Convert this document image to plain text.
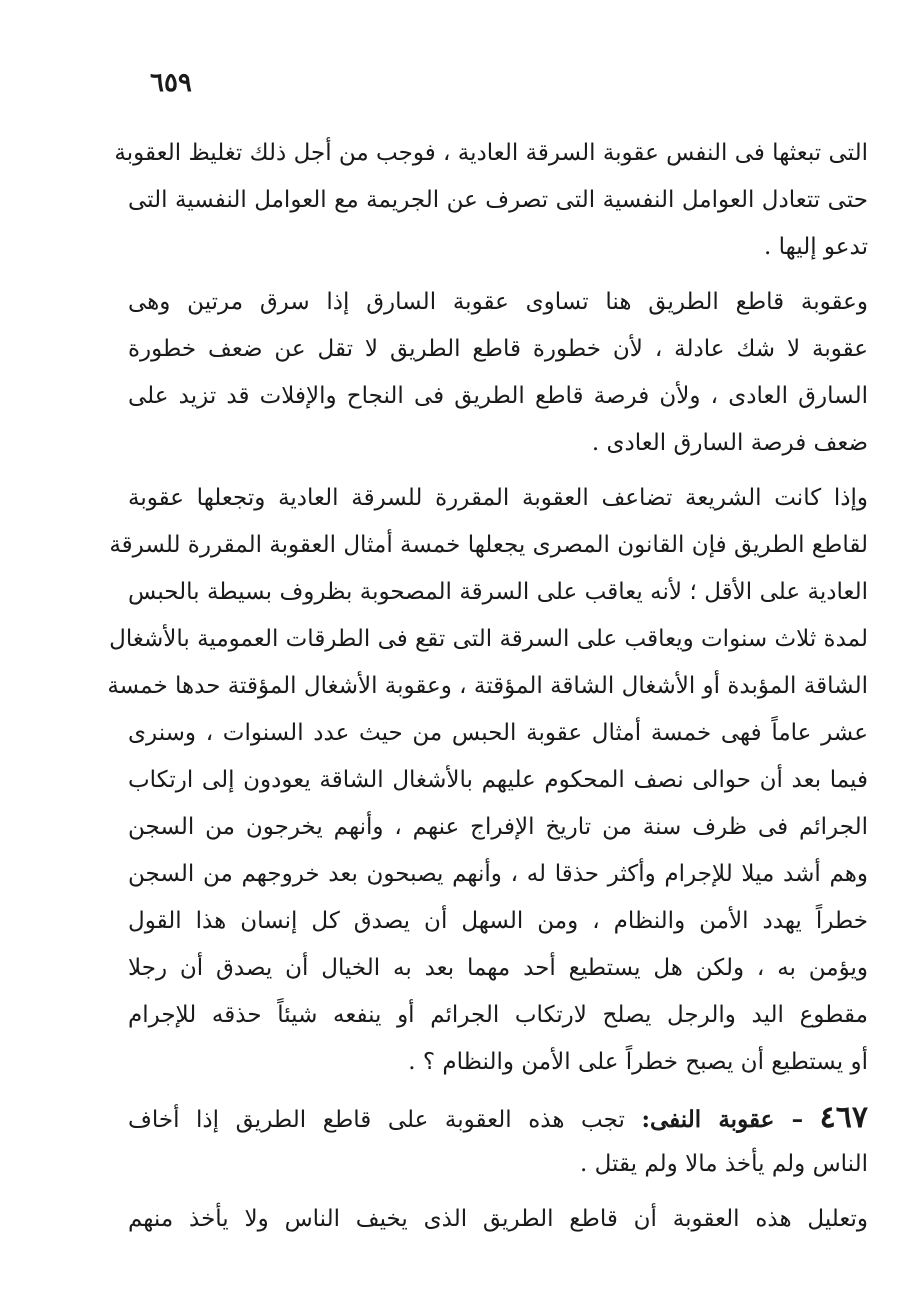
٦٥٩
التى تبعثها فى النفس عقوبة السرقة العادية ، فوجب من أجل ذلك تغليظ العقوبة
حتى تتعادل العوامل النفسية التى تصرف عن الجريمة مع العوامل النفسية التى
تدعو إليها .
وعقوبة قاطع الطريق هنا تساوى عقوبة السارق إذا سرق مرتين وهى
عقوبة لا شك عادلة ، لأن خطورة قاطع الطريق لا تقل عن ضعف خطورة
السارق العادى ، ولأن فرصة قاطع الطريق فى النجاح والإفلات قد تزيد على
ضعف فرصة السارق العادى .
وإذا كانت الشريعة تضاعف العقوبة المقررة للسرقة العادية وتجعلها عقوبة
لقاطع الطريق فإن القانون المصرى يجعلها خمسة أمثال العقوبة المقررة للسرقة
العادية على الأقل ؛ لأنه يعاقب على السرقة المصحوبة بظروف بسيطة بالحبس
لمدة ثلاث سنوات ويعاقب على السرقة التى تقع فى الطرقات العمومية بالأشغال
الشاقة المؤبدة أو الأشغال الشاقة المؤقتة ، وعقوبة الأشغال المؤقتة حدها خمسة
عشر عاماً فهى خمسة أمثال عقوبة الحبس من حيث عدد السنوات ، وسنرى
فيما بعد أن حوالى نصف المحكوم عليهم بالأشغال الشاقة يعودون إلى ارتكاب
الجرائم فى ظرف سنة من تاريخ الإفراج عنهم ، وأنهم يخرجون من السجن
وهم أشد ميلا للإجرام وأكثر حذقا له ، وأنهم يصبحون بعد خروجهم من السجن
خطراً يهدد الأمن والنظام ، ومن السهل أن يصدق كل إنسان هذا القول
ويؤمن به ، ولكن هل يستطيع أحد مهما بعد به الخيال أن يصدق أن رجلا
مقطوع اليد والرجل يصلح لارتكاب الجرائم أو ينفعه شيئاً حذقه للإجرام
أو يستطيع أن يصبح خطراً على الأمن والنظام ؟ .
٤٦٧ – عقوبة النفى: تجب هذه العقوبة على قاطع الطريق إذا أخاف
الناس ولم يأخذ مالا ولم يقتل .
وتعليل هذه العقوبة أن قاطع الطريق الذى يخيف الناس ولا يأخذ منهم
